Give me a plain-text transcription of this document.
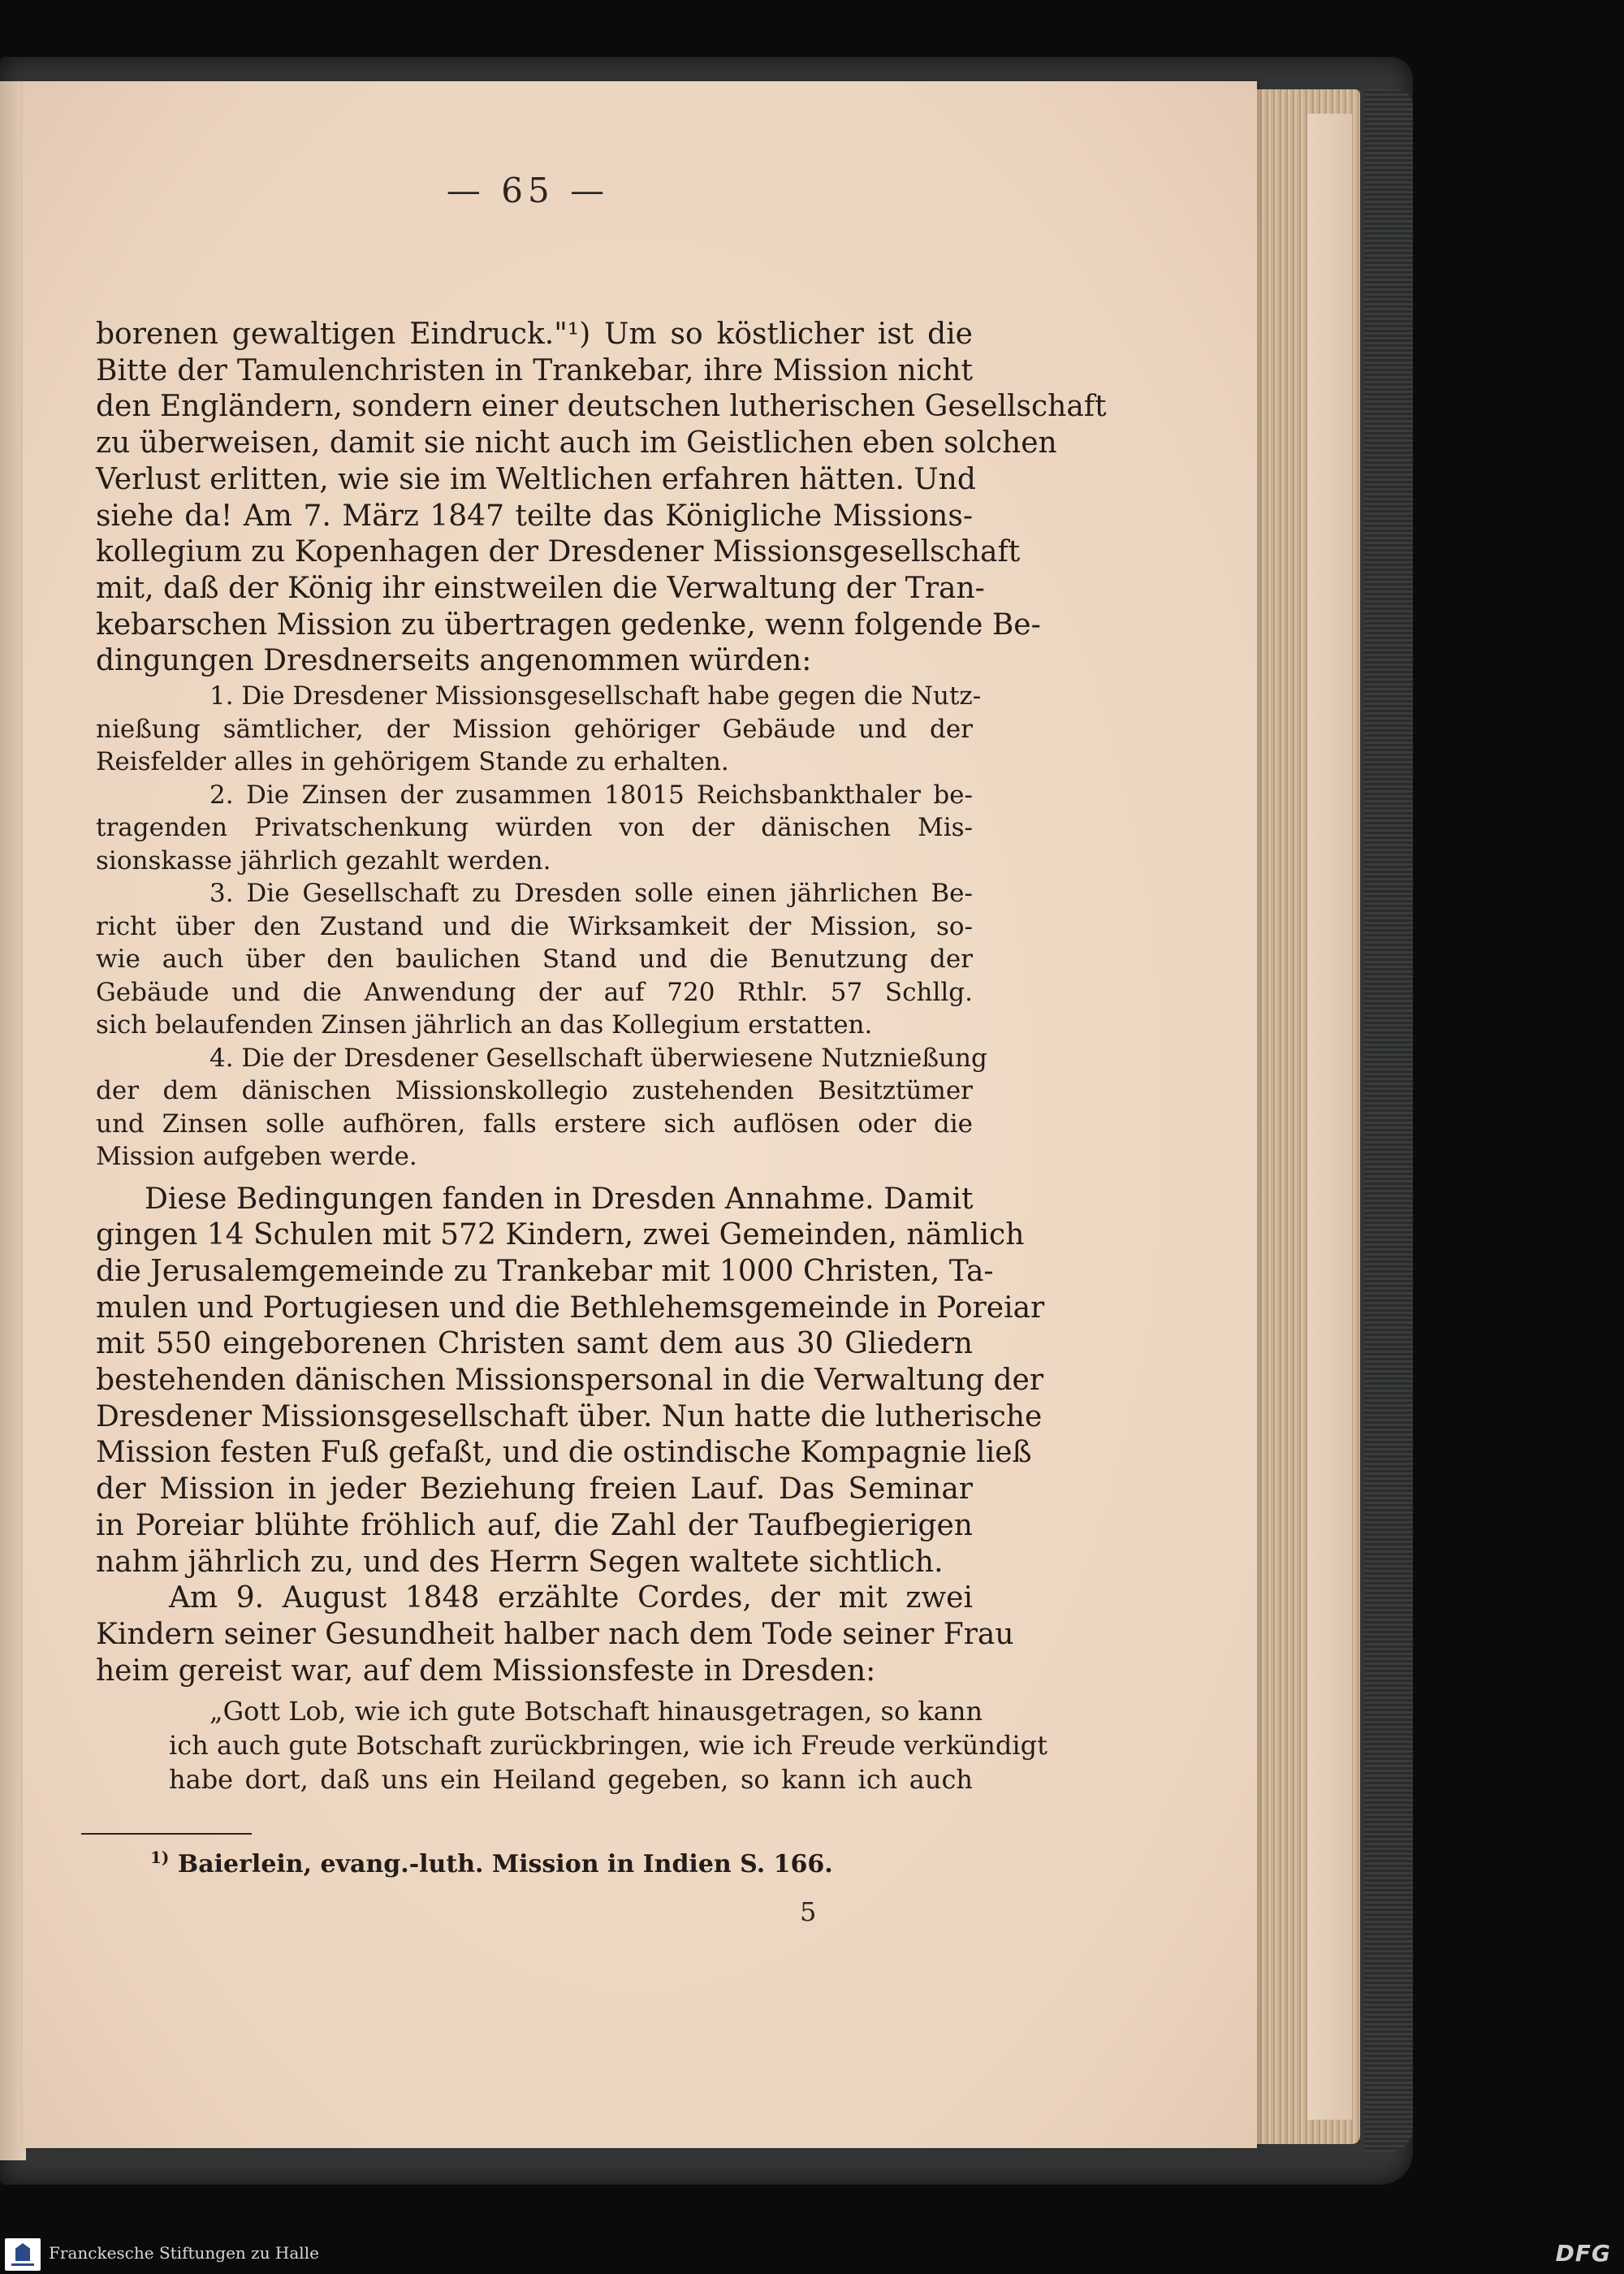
— 65 —
borenen gewaltigen Eindruck."¹) Um so köstlicher ist die
Bitte der Tamulenchristen in Trankebar, ihre Mission nicht
den Engländern, sondern einer deutschen lutherischen Gesellschaft
zu überweisen, damit sie nicht auch im Geistlichen eben solchen
Verlust erlitten, wie sie im Weltlichen erfahren hätten. Und
siehe da! Am 7. März 1847 teilte das Königliche Missions-
kollegium zu Kopenhagen der Dresdener Missionsgesellschaft
mit, daß der König ihr einstweilen die Verwaltung der Tran-
kebarschen Mission zu übertragen gedenke, wenn folgende Be-
dingungen Dresdnerseits angenommen würden:
1. Die Dresdener Missionsgesellschaft habe gegen die Nutz-
nießung sämtlicher, der Mission gehöriger Gebäude und der
Reisfelder alles in gehörigem Stande zu erhalten.
2. Die Zinsen der zusammen 18015 Reichsbankthaler be-
tragenden Privatschenkung würden von der dänischen Mis-
sionskasse jährlich gezahlt werden.
3. Die Gesellschaft zu Dresden solle einen jährlichen Be-
richt über den Zustand und die Wirksamkeit der Mission, so-
wie auch über den baulichen Stand und die Benutzung der
Gebäude und die Anwendung der auf 720 Rthlr. 57 Schllg.
sich belaufenden Zinsen jährlich an das Kollegium erstatten.
4. Die der Dresdener Gesellschaft überwiesene Nutznießung
der dem dänischen Missionskollegio zustehenden Besitztümer
und Zinsen solle aufhören, falls erstere sich auflösen oder die
Mission aufgeben werde.
Diese Bedingungen fanden in Dresden Annahme. Damit
gingen 14 Schulen mit 572 Kindern, zwei Gemeinden, nämlich
die Jerusalemgemeinde zu Trankebar mit 1000 Christen, Ta-
mulen und Portugiesen und die Bethlehemsgemeinde in Poreiar
mit 550 eingeborenen Christen samt dem aus 30 Gliedern
bestehenden dänischen Missionspersonal in die Verwaltung der
Dresdener Missionsgesellschaft über. Nun hatte die lutherische
Mission festen Fuß gefaßt, und die ostindische Kompagnie ließ
der Mission in jeder Beziehung freien Lauf. Das Seminar
in Poreiar blühte fröhlich auf, die Zahl der Taufbegierigen
nahm jährlich zu, und des Herrn Segen waltete sichtlich.
Am 9. August 1848 erzählte Cordes, der mit zwei
Kindern seiner Gesundheit halber nach dem Tode seiner Frau
heim gereist war, auf dem Missionsfeste in Dresden:
„Gott Lob, wie ich gute Botschaft hinausgetragen, so kann
ich auch gute Botschaft zurückbringen, wie ich Freude verkündigt
habe dort, daß uns ein Heiland gegeben, so kann ich auch
$^{1)}$ Baierlein, evang.-luth. Mission in Indien S. 166.
5
Franckesche Stiftungen zu Halle	DFG
